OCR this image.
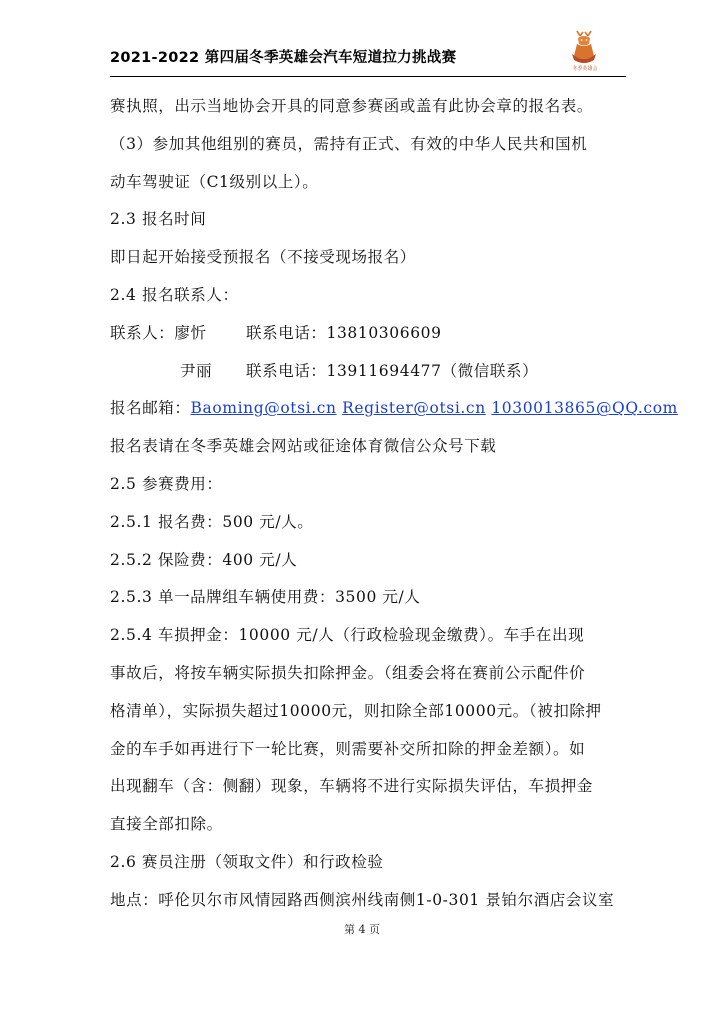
2021-2022 第四届冬季英雄会汽车短道拉力挑战赛
冬季英雄会
赛执照，出示当地协会开具的同意参赛函或盖有此协会章的报名表。
（3）参加其他组别的赛员，需持有正式、有效的中华人民共和国机
动车驾驶证（C1级别以上）。
2.3 报名时间
即日起开始接受预报名（不接受现场报名）
2.4 报名联系人：
联系人：廖忻	联系电话：13810306609
尹丽 联系电话：13911694477（微信联系）
报名邮箱：Baoming@otsi.cn Register@otsi.cn 1030013865@QQ.com
报名表请在冬季英雄会网站或征途体育微信公众号下载
2.5 参赛费用：
2.5.1 报名费：500 元/人。
2.5.2 保险费：400 元/人
2.5.3 单一品牌组车辆使用费：3500 元/人
2.5.4 车损押金：10000 元/人（行政检验现金缴费）。车手在出现
事故后，将按车辆实际损失扣除押金。（组委会将在赛前公示配件价
格清单），实际损失超过10000元，则扣除全部10000元。（被扣除押
金的车手如再进行下一轮比赛，则需要补交所扣除的押金差额）。如
出现翻车（含：侧翻）现象，车辆将不进行实际损失评估，车损押金
直接全部扣除。
2.6 赛员注册（领取文件）和行政检验
地点：呼伦贝尔市风情园路西侧滨州线南侧1-0-301 景铂尔酒店会议室
第 4 页
